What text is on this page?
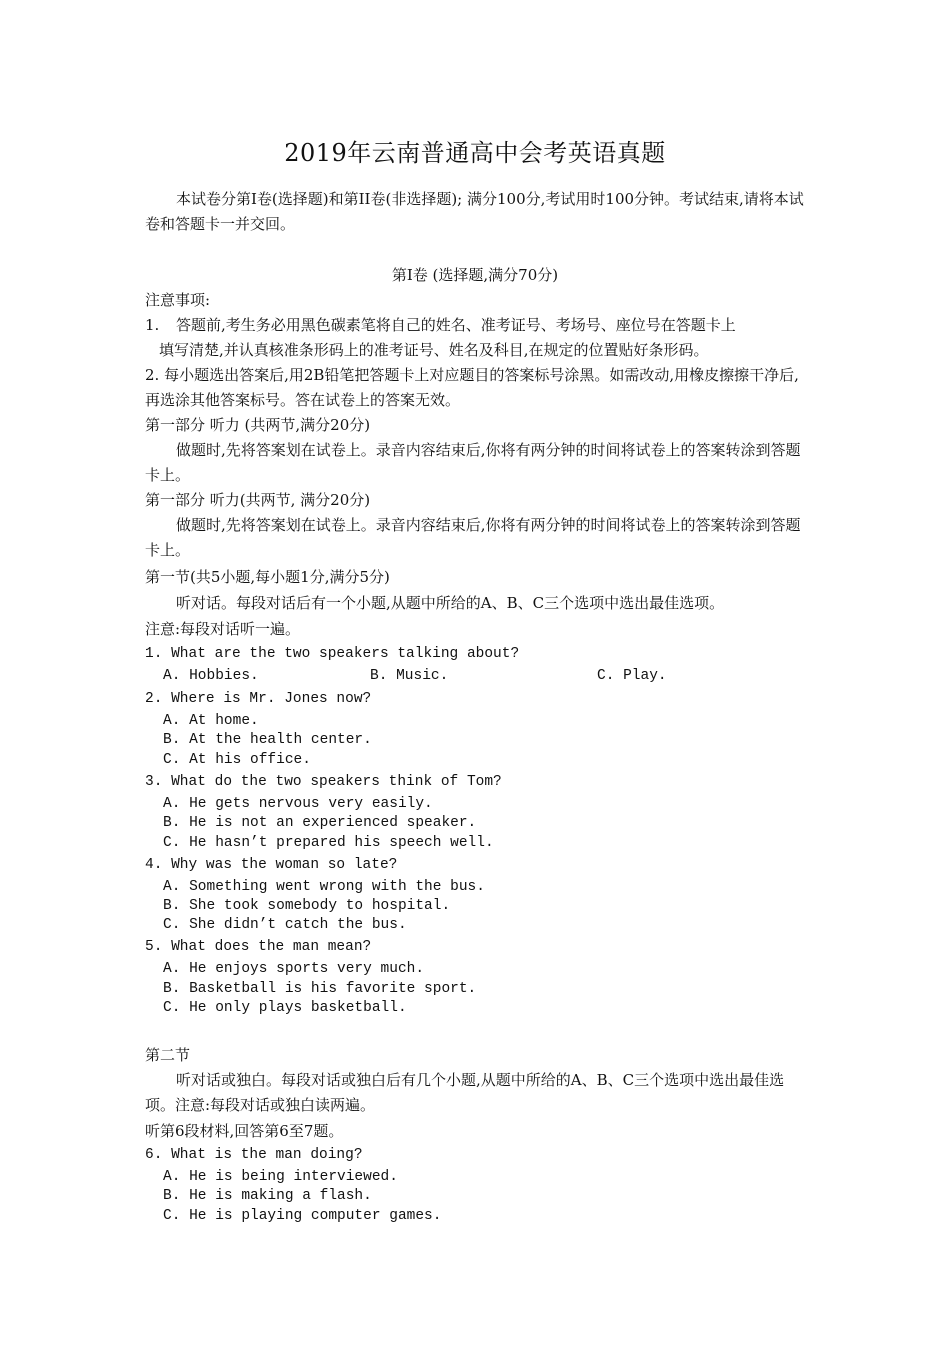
2019年云南普通高中会考英语真题
本试卷分第I卷(选择题)和第II卷(非选择题); 满分100分,考试用时100分钟。考试结束,请将本试卷和答题卡一并交回。
第I卷 (选择题,满分70分)
注意事项:
1. 答题前,考生务必用黑色碳素笔将自己的姓名、准考证号、考场号、座位号在答题卡上
填写清楚,并认真核准条形码上的准考证号、姓名及科目,在规定的位置贴好条形码。
2. 每小题选出答案后,用2B铅笔把答题卡上对应题目的答案标号涂黑。如需改动,用橡皮擦擦干净后,再选涂其他答案标号。答在试卷上的答案无效。
第一部分 听力 (共两节,满分20分)
做题时,先将答案划在试卷上。录音内容结束后,你将有两分钟的时间将试卷上的答案转涂到答题卡上。
第一部分 听力(共两节, 满分20分)
做题时,先将答案划在试卷上。录音内容结束后,你将有两分钟的时间将试卷上的答案转涂到答题卡上。
第一节(共5小题,每小题1分,满分5分)
听对话。每段对话后有一个小题,从题中所给的A、B、C三个选项中选出最佳选项。
注意:每段对话听一遍。
1. What are the two speakers talking about?
A. Hobbies.	B. Music.	C. Play.
2. Where is Mr. Jones now?
A. At home.
B. At the health center.
C. At his office.
3. What do the two speakers think of Tom?
A. He gets nervous very easily.
B. He is not an experienced speaker.
C. He hasn’t prepared his speech well.
4. Why was the woman so late?
A. Something went wrong with the bus.
B. She took somebody to hospital.
C. She didn’t catch the bus.
5. What does the man mean?
A. He enjoys sports very much.
B. Basketball is his favorite sport.
C. He only plays basketball.
第二节
听对话或独白。每段对话或独白后有几个小题,从题中所给的A、B、C三个选项中选出最佳选项。注意:每段对话或独白读两遍。
听第6段材料,回答第6至7题。
6. What is the man doing?
A. He is being interviewed.
B. He is making a flash.
C. He is playing computer games.
